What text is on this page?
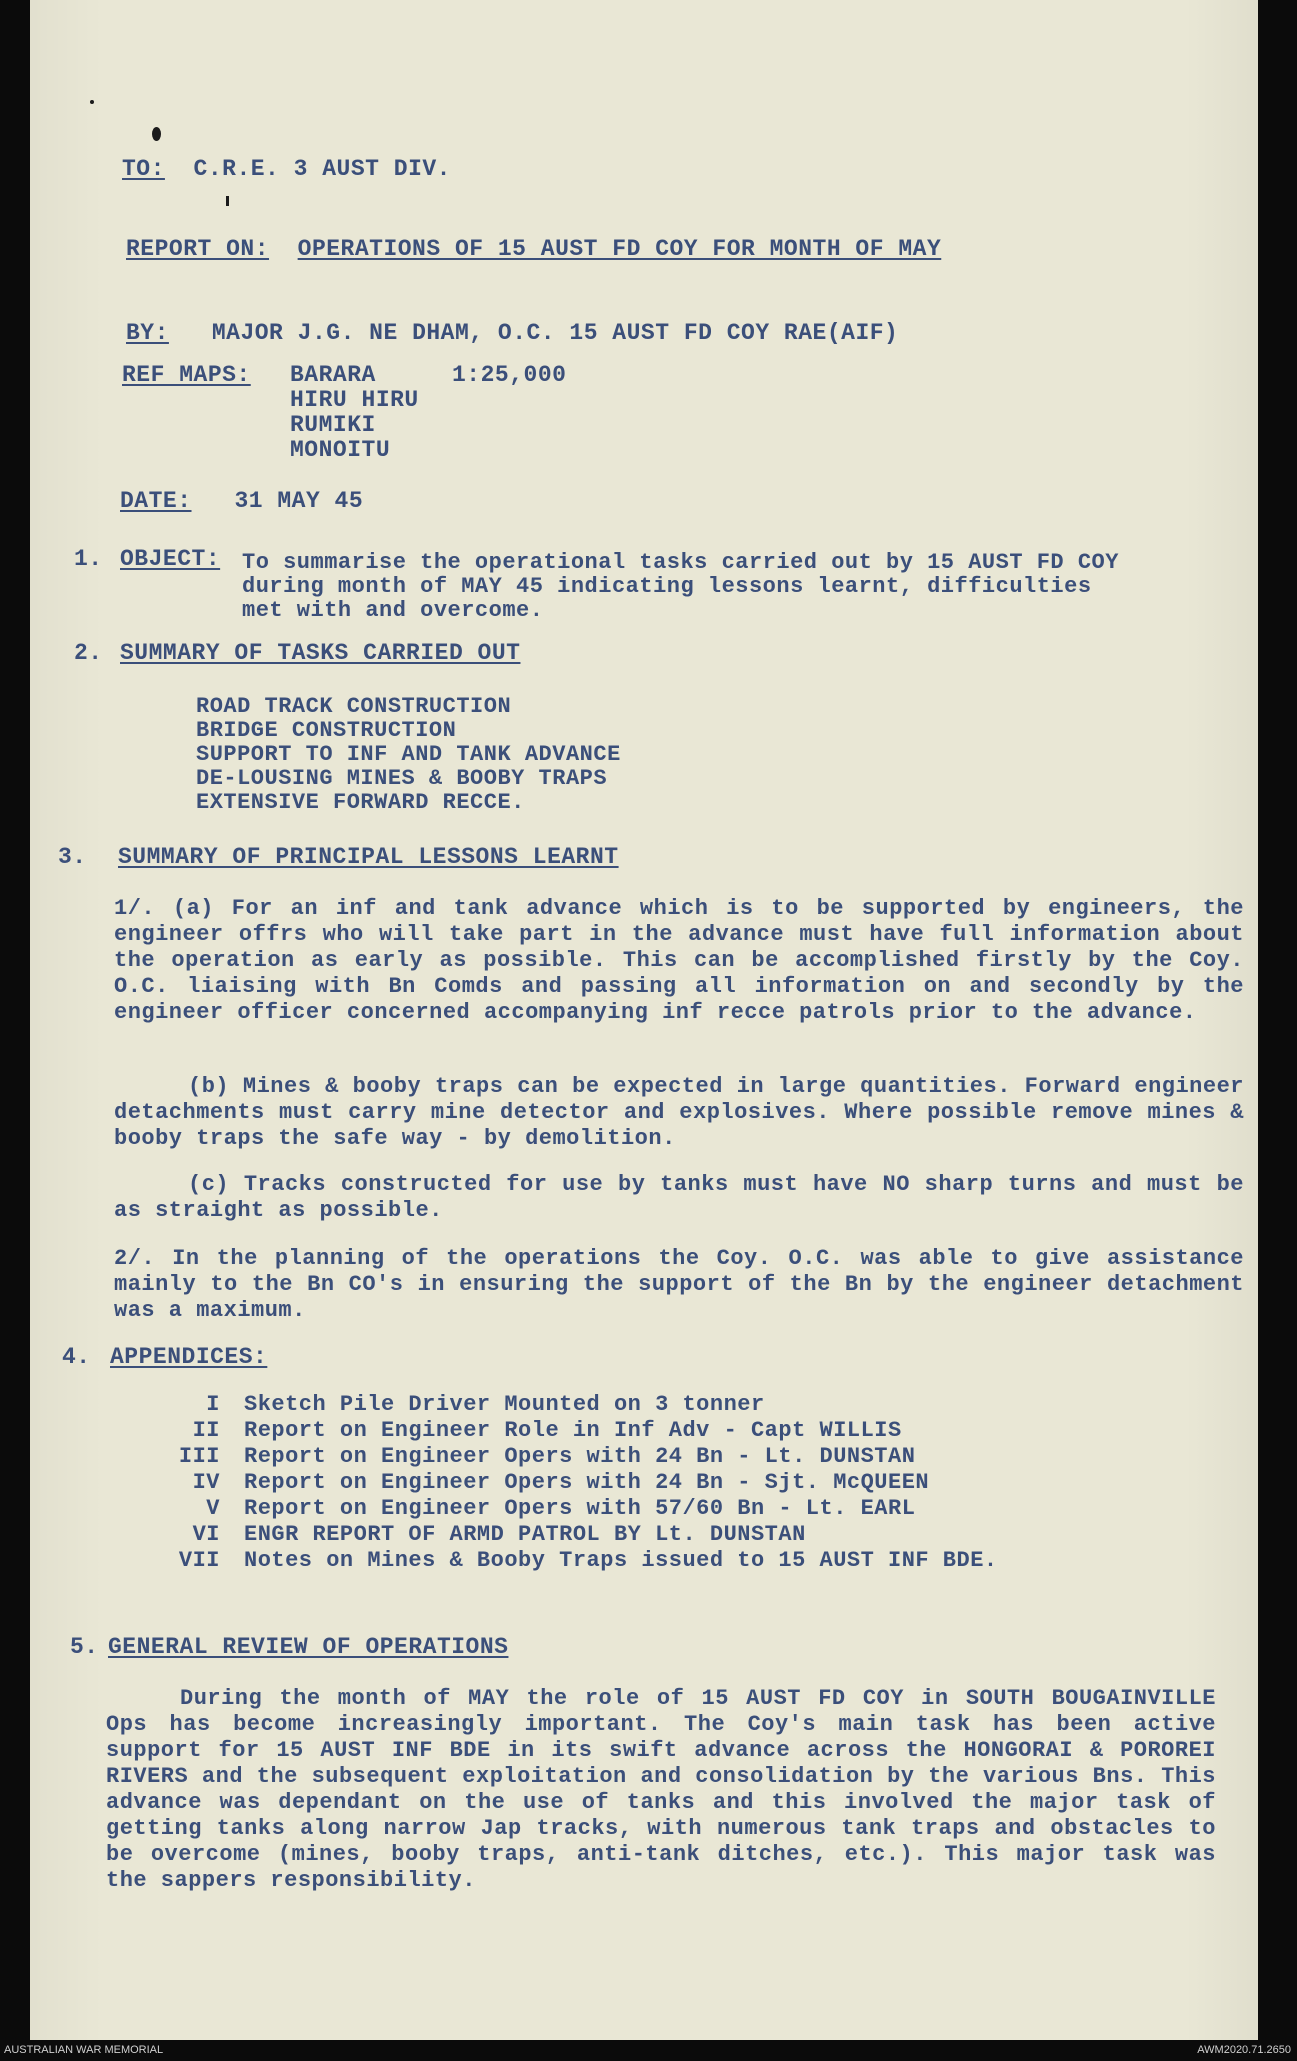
TO: C.R.E. 3 AUST DIV.
REPORT ON: OPERATIONS OF 15 AUST FD COY FOR MONTH OF MAY
BY: MAJOR J.G. NE DHAM, O.C. 15 AUST FD COY RAE(AIF)
REF MAPS: BARARA
HIRU HIRU
RUMIKI
MONOITU
1:25,000
DATE: 31 MAY 45
1. OBJECT: To summarise the operational tasks carried out by 15 AUST FD COY
during month of MAY 45 indicating lessons learnt, difficulties
met with and overcome.
2. SUMMARY OF TASKS CARRIED OUT
ROAD TRACK CONSTRUCTION
BRIDGE CONSTRUCTION
SUPPORT TO INF AND TANK ADVANCE
DE-LOUSING MINES & BOOBY TRAPS
EXTENSIVE FORWARD RECCE.
3. SUMMARY OF PRINCIPAL LESSONS LEARNT
1/. (a) For an inf and tank advance which is to be supported by engineers, the engineer offrs who will take part in the advance must have full information about the operation as early as possible. This can be accomplished firstly by the Coy. O.C. liaising with Bn Comds and passing all information on and secondly by the engineer officer concerned accompanying inf recce patrols prior to the advance.
(b) Mines & booby traps can be expected in large quantities. Forward engineer detachments must carry mine detector and explosives. Where possible remove mines & booby traps the safe way - by demolition.
(c) Tracks constructed for use by tanks must have NO sharp turns and must be as straight as possible.
2/. In the planning of the operations the Coy. O.C. was able to give assistance mainly to the Bn CO's in ensuring the support of the Bn by the engineer detachment was a maximum.
4. APPENDICES:
I Sketch Pile Driver Mounted on 3 tonner
II Report on Engineer Role in Inf Adv - Capt WILLIS
III Report on Engineer Opers with 24 Bn - Lt. DUNSTAN
IV Report on Engineer Opers with 24 Bn - Sjt. McQUEEN
V Report on Engineer Opers with 57/60 Bn - Lt. EARL
VI ENGR REPORT OF ARMD PATROL BY Lt. DUNSTAN
VII Notes on Mines & Booby Traps issued to 15 AUST INF BDE.
5. GENERAL REVIEW OF OPERATIONS
During the month of MAY the role of 15 AUST FD COY in SOUTH BOUGAINVILLE Ops has become increasingly important. The Coy's main task has been active support for 15 AUST INF BDE in its swift advance across the HONGORAI & POROREI RIVERS and the subsequent exploitation and consolidation by the various Bns. This advance was dependant on the use of tanks and this involved the major task of getting tanks along narrow Jap tracks, with numerous tank traps and obstacles to be overcome (mines, booby traps, anti-tank ditches, etc.). This major task was the sappers responsibility.
AUSTRALIAN WAR MEMORIAL	AWM2020.71.2650
